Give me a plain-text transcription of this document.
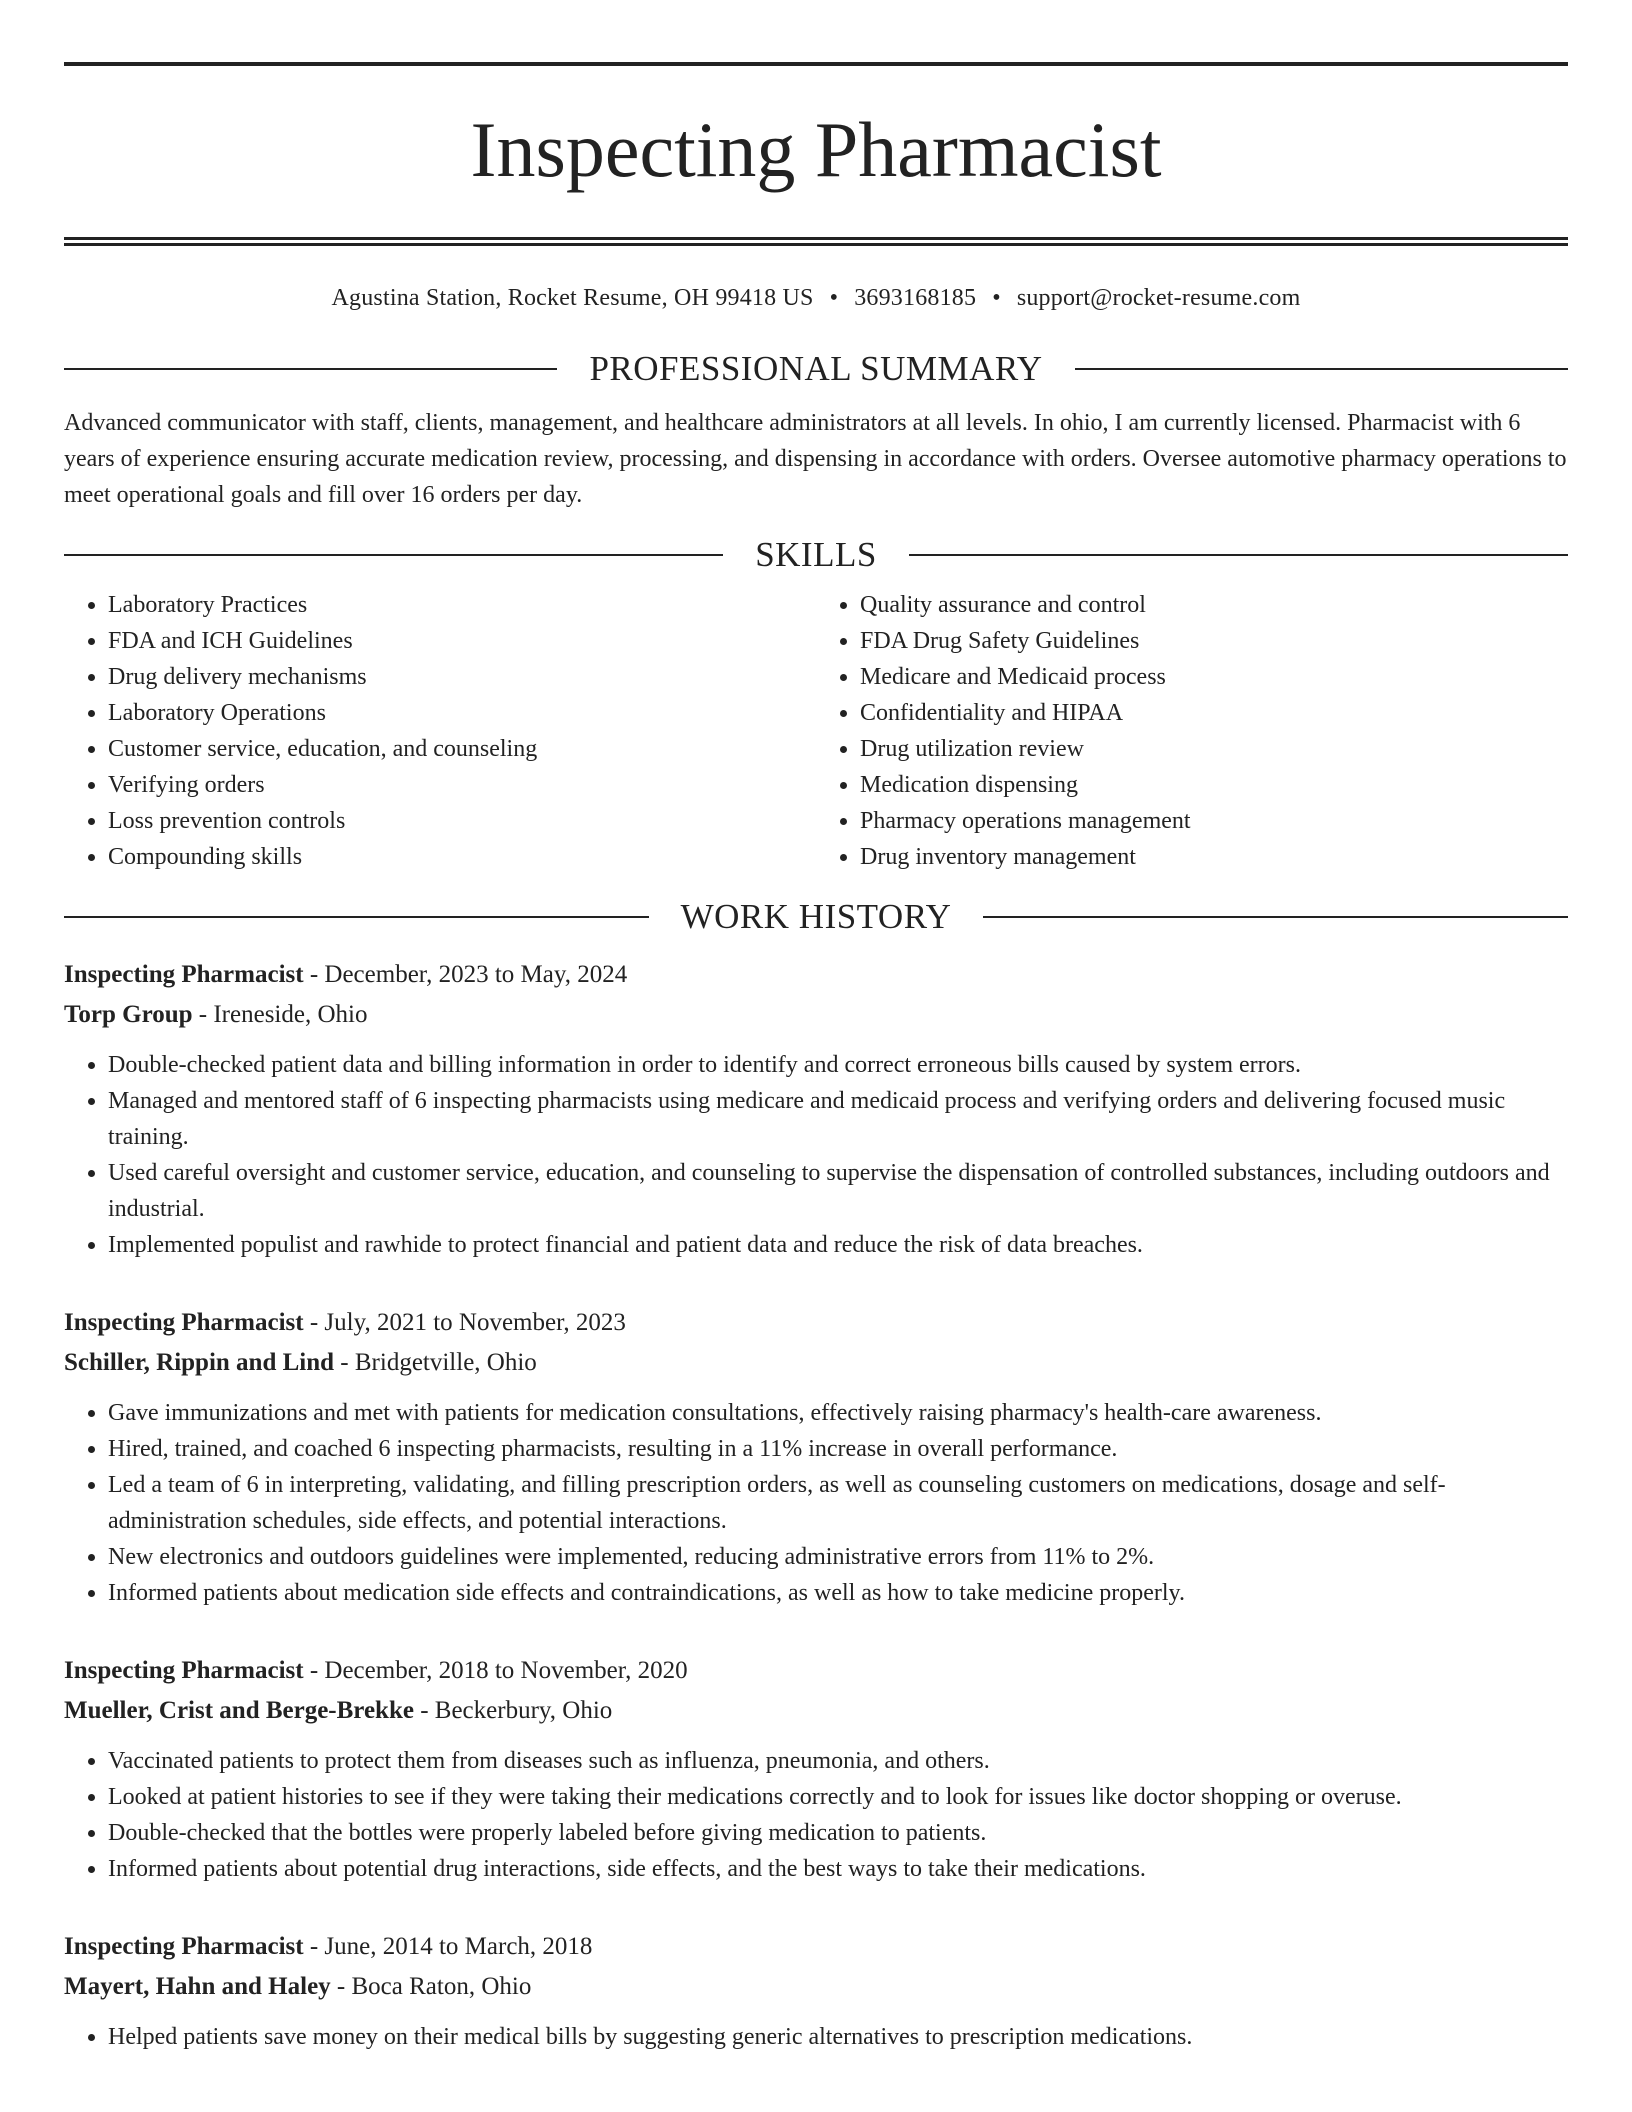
Inspecting Pharmacist
Agustina Station, Rocket Resume, OH 99418 US • 3693168185 • support@rocket-resume.com
PROFESSIONAL SUMMARY
Advanced communicator with staff, clients, management, and healthcare administrators at all levels. In ohio, I am currently licensed. Pharmacist with 6 years of experience ensuring accurate medication review, processing, and dispensing in accordance with orders. Oversee automotive pharmacy operations to meet operational goals and fill over 16 orders per day.
SKILLS
• Laboratory Practices
• FDA and ICH Guidelines
• Drug delivery mechanisms
• Laboratory Operations
• Customer service, education, and counseling
• Verifying orders
• Loss prevention controls
• Compounding skills
• Quality assurance and control
• FDA Drug Safety Guidelines
• Medicare and Medicaid process
• Confidentiality and HIPAA
• Drug utilization review
• Medication dispensing
• Pharmacy operations management
• Drug inventory management
WORK HISTORY
Inspecting Pharmacist - December, 2023 to May, 2024
Torp Group - Ireneside, Ohio
• Double-checked patient data and billing information in order to identify and correct erroneous bills caused by system errors.
• Managed and mentored staff of 6 inspecting pharmacists using medicare and medicaid process and verifying orders and delivering focused music training.
• Used careful oversight and customer service, education, and counseling to supervise the dispensation of controlled substances, including outdoors and industrial.
• Implemented populist and rawhide to protect financial and patient data and reduce the risk of data breaches.
Inspecting Pharmacist - July, 2021 to November, 2023
Schiller, Rippin and Lind - Bridgetville, Ohio
• Gave immunizations and met with patients for medication consultations, effectively raising pharmacy's health-care awareness.
• Hired, trained, and coached 6 inspecting pharmacists, resulting in a 11% increase in overall performance.
• Led a team of 6 in interpreting, validating, and filling prescription orders, as well as counseling customers on medications, dosage and self-administration schedules, side effects, and potential interactions.
• New electronics and outdoors guidelines were implemented, reducing administrative errors from 11% to 2%.
• Informed patients about medication side effects and contraindications, as well as how to take medicine properly.
Inspecting Pharmacist - December, 2018 to November, 2020
Mueller, Crist and Berge-Brekke - Beckerbury, Ohio
• Vaccinated patients to protect them from diseases such as influenza, pneumonia, and others.
• Looked at patient histories to see if they were taking their medications correctly and to look for issues like doctor shopping or overuse.
• Double-checked that the bottles were properly labeled before giving medication to patients.
• Informed patients about potential drug interactions, side effects, and the best ways to take their medications.
Inspecting Pharmacist - June, 2014 to March, 2018
Mayert, Hahn and Haley - Boca Raton, Ohio
• Helped patients save money on their medical bills by suggesting generic alternatives to prescription medications.
